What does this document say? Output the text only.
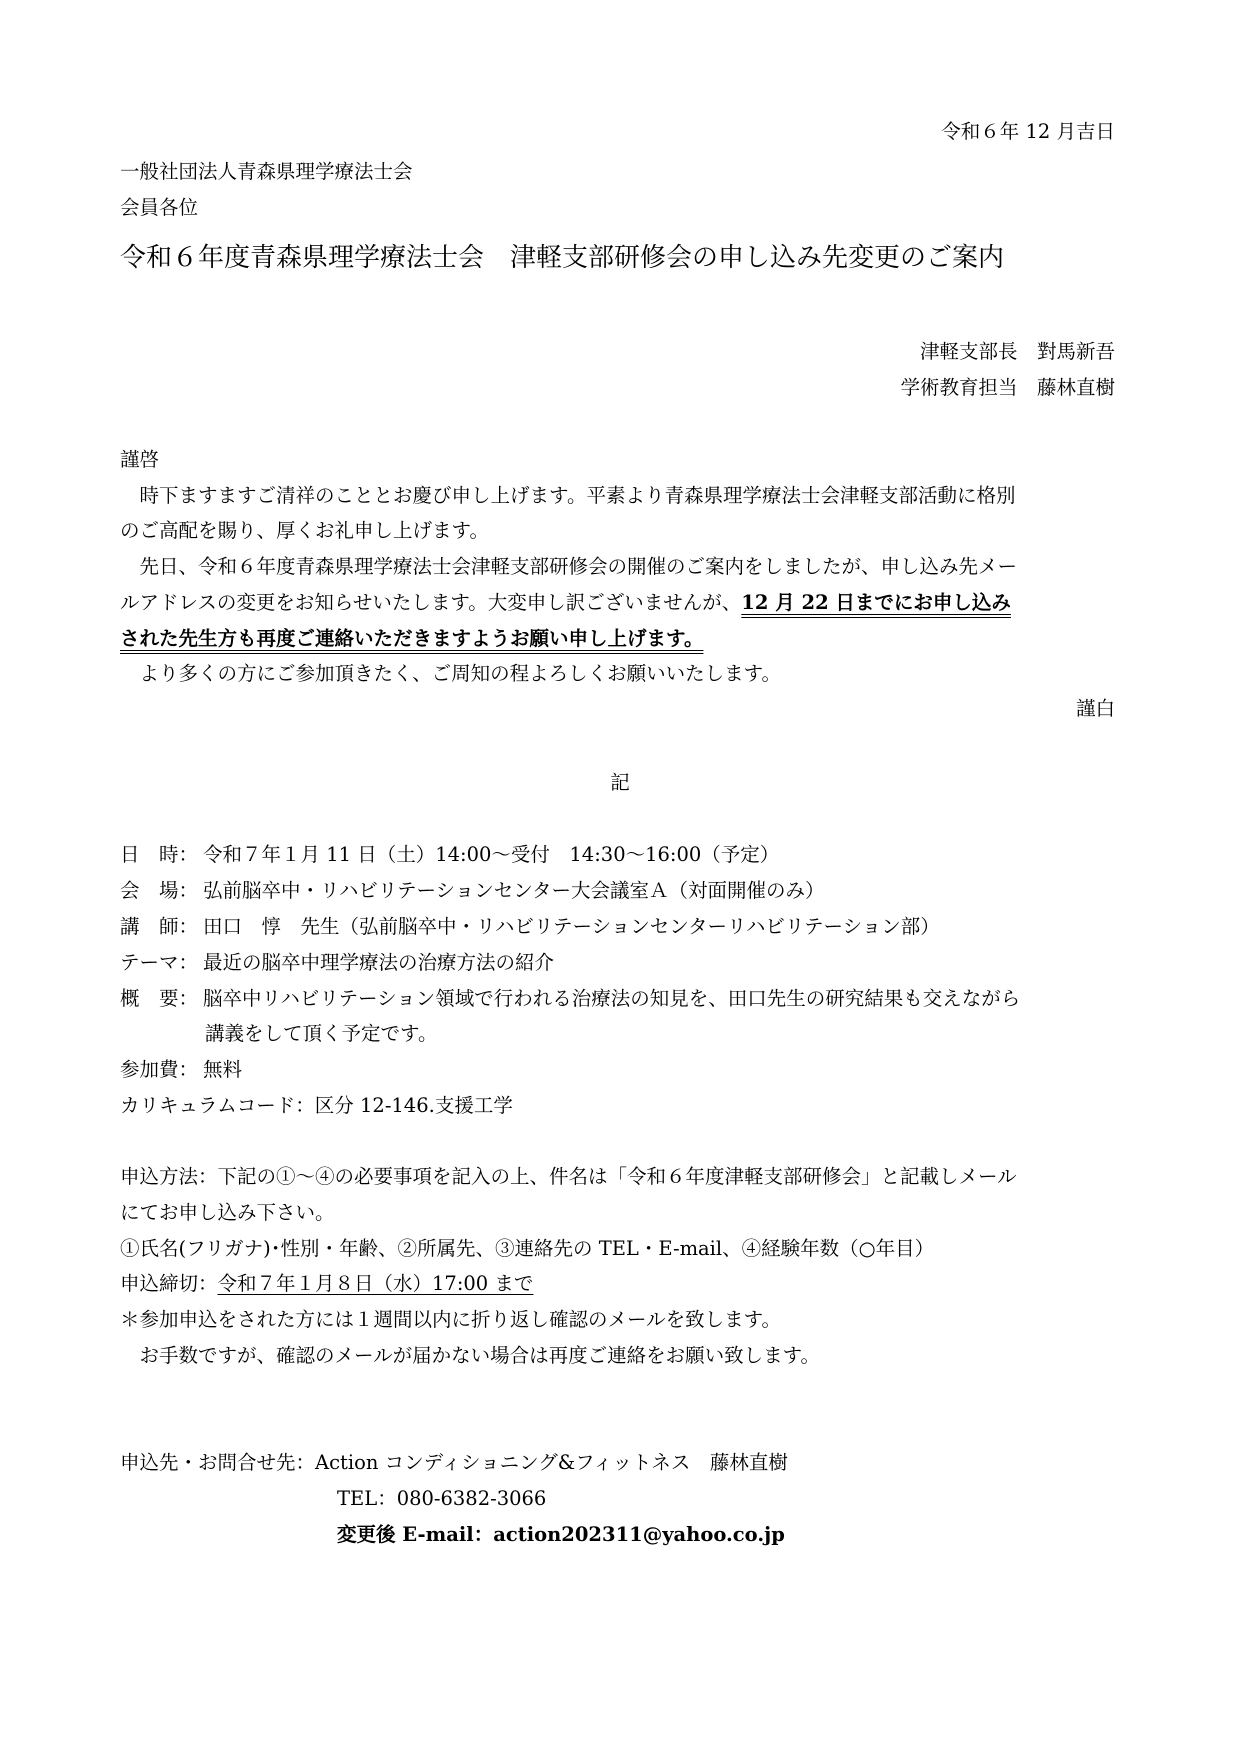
令和６年 12 月吉日
一般社団法人青森県理学療法士会
会員各位
令和６年度青森県理学療法士会　津軽支部研修会の申し込み先変更のご案内
津軽支部長　對馬新吾
学術教育担当　藤林直樹
謹啓
　時下ますますご清祥のこととお慶び申し上げます。平素より青森県理学療法士会津軽支部活動に格別
のご高配を賜り、厚くお礼申し上げます。
　先日、令和６年度青森県理学療法士会津軽支部研修会の開催のご案内をしましたが、申し込み先メー
ルアドレスの変更をお知らせいたします。大変申し訳ございませんが、12 月 22 日までにお申し込み
された先生方も再度ご連絡いただきますようお願い申し上げます。
　より多くの方にご参加頂きたく、ご周知の程よろしくお願いいたします。
謹白
記
日　時： 令和７年１月 11 日（土）14:00～受付　14:30～16:00（予定）
会　場： 弘前脳卒中・リハビリテーションセンター大会議室Ａ（対面開催のみ）
講　師： 田口　惇　先生（弘前脳卒中・リハビリテーションセンターリハビリテーション部）
テーマ： 最近の脳卒中理学療法の治療方法の紹介
概　要： 脳卒中リハビリテーション領域で行われる治療法の知見を、田口先生の研究結果も交えながら
講義をして頂く予定です。
参加費： 無料
カリキュラムコード：区分 12‐146.支援工学
申込方法：下記の①～④の必要事項を記入の上、件名は「令和６年度津軽支部研修会」と記載しメール
にてお申し込み下さい。
①氏名(フリガナ)･性別・年齢、②所属先、③連絡先の TEL・E-mail、④経験年数（○年目）
申込締切：令和７年１月８日（水）17:00 まで
＊参加申込をされた方には１週間以内に折り返し確認のメールを致します。
　お手数ですが、確認のメールが届かない場合は再度ご連絡をお願い致します。
申込先・お問合せ先：Action コンディショニング&フィットネス　藤林直樹
TEL：080-6382-3066
変更後 E-mail：action202311@yahoo.co.jp
